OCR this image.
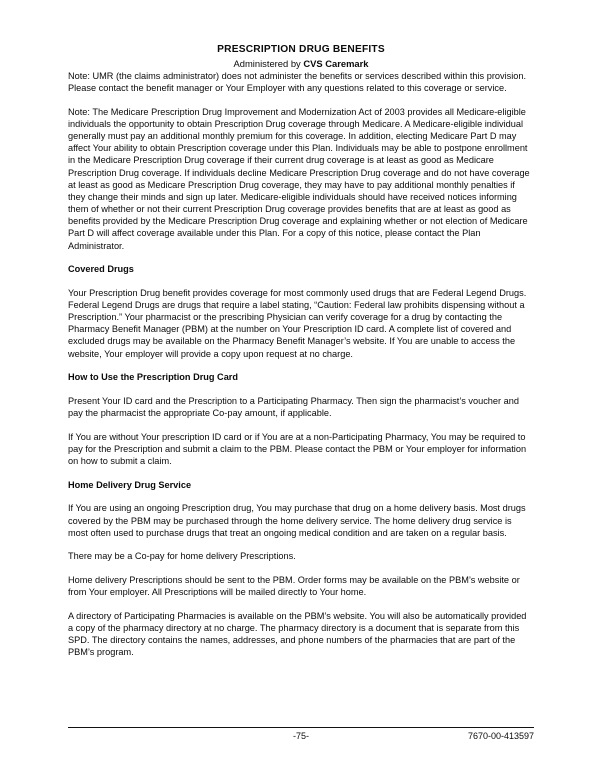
PRESCRIPTION DRUG BENEFITS
Administered by CVS Caremark

Note: UMR (the claims administrator) does not administer the benefits or services described within this provision. Please contact the benefit manager or Your Employer with any questions related to this coverage or service.

Note: The Medicare Prescription Drug Improvement and Modernization Act of 2003 provides all Medicare-eligible individuals the opportunity to obtain Prescription Drug coverage through Medicare. A Medicare-eligible individual generally must pay an additional monthly premium for this coverage. In addition, electing Medicare Part D may affect Your ability to obtain Prescription coverage under this Plan. Individuals may be able to postpone enrollment in the Medicare Prescription Drug coverage if their current drug coverage is at least as good as Medicare Prescription Drug coverage. If individuals decline Medicare Prescription Drug coverage and do not have coverage at least as good as Medicare Prescription Drug coverage, they may have to pay additional monthly penalties if they change their minds and sign up later. Medicare-eligible individuals should have received notices informing them of whether or not their current Prescription Drug coverage provides benefits that are at least as good as benefits provided by the Medicare Prescription Drug coverage and explaining whether or not election of Medicare Part D will affect coverage available under this Plan. For a copy of this notice, please contact the Plan Administrator.

Covered Drugs

Your Prescription Drug benefit provides coverage for most commonly used drugs that are Federal Legend Drugs. Federal Legend Drugs are drugs that require a label stating, “Caution: Federal law prohibits dispensing without a Prescription.” Your pharmacist or the prescribing Physician can verify coverage for a drug by contacting the Pharmacy Benefit Manager (PBM) at the number on Your Prescription ID card. A complete list of covered and excluded drugs may be available on the Pharmacy Benefit Manager’s website. If You are unable to access the website, Your employer will provide a copy upon request at no charge.

How to Use the Prescription Drug Card

Present Your ID card and the Prescription to a Participating Pharmacy. Then sign the pharmacist’s voucher and pay the pharmacist the appropriate Co-pay amount, if applicable.

If You are without Your prescription ID card or if You are at a non-Participating Pharmacy, You may be required to pay for the Prescription and submit a claim to the PBM. Please contact the PBM or Your employer for information on how to submit a claim.

Home Delivery Drug Service

If You are using an ongoing Prescription drug, You may purchase that drug on a home delivery basis. Most drugs covered by the PBM may be purchased through the home delivery service. The home delivery drug service is most often used to purchase drugs that treat an ongoing medical condition and are taken on a regular basis.

There may be a Co-pay for home delivery Prescriptions.

Home delivery Prescriptions should be sent to the PBM. Order forms may be available on the PBM’s website or from Your employer. All Prescriptions will be mailed directly to Your home.

A directory of Participating Pharmacies is available on the PBM’s website. You will also be automatically provided a copy of the pharmacy directory at no charge. The pharmacy directory is a document that is separate from this SPD. The directory contains the names, addresses, and phone numbers of the pharmacies that are part of the PBM’s program.

-75-	7670-00-413597
